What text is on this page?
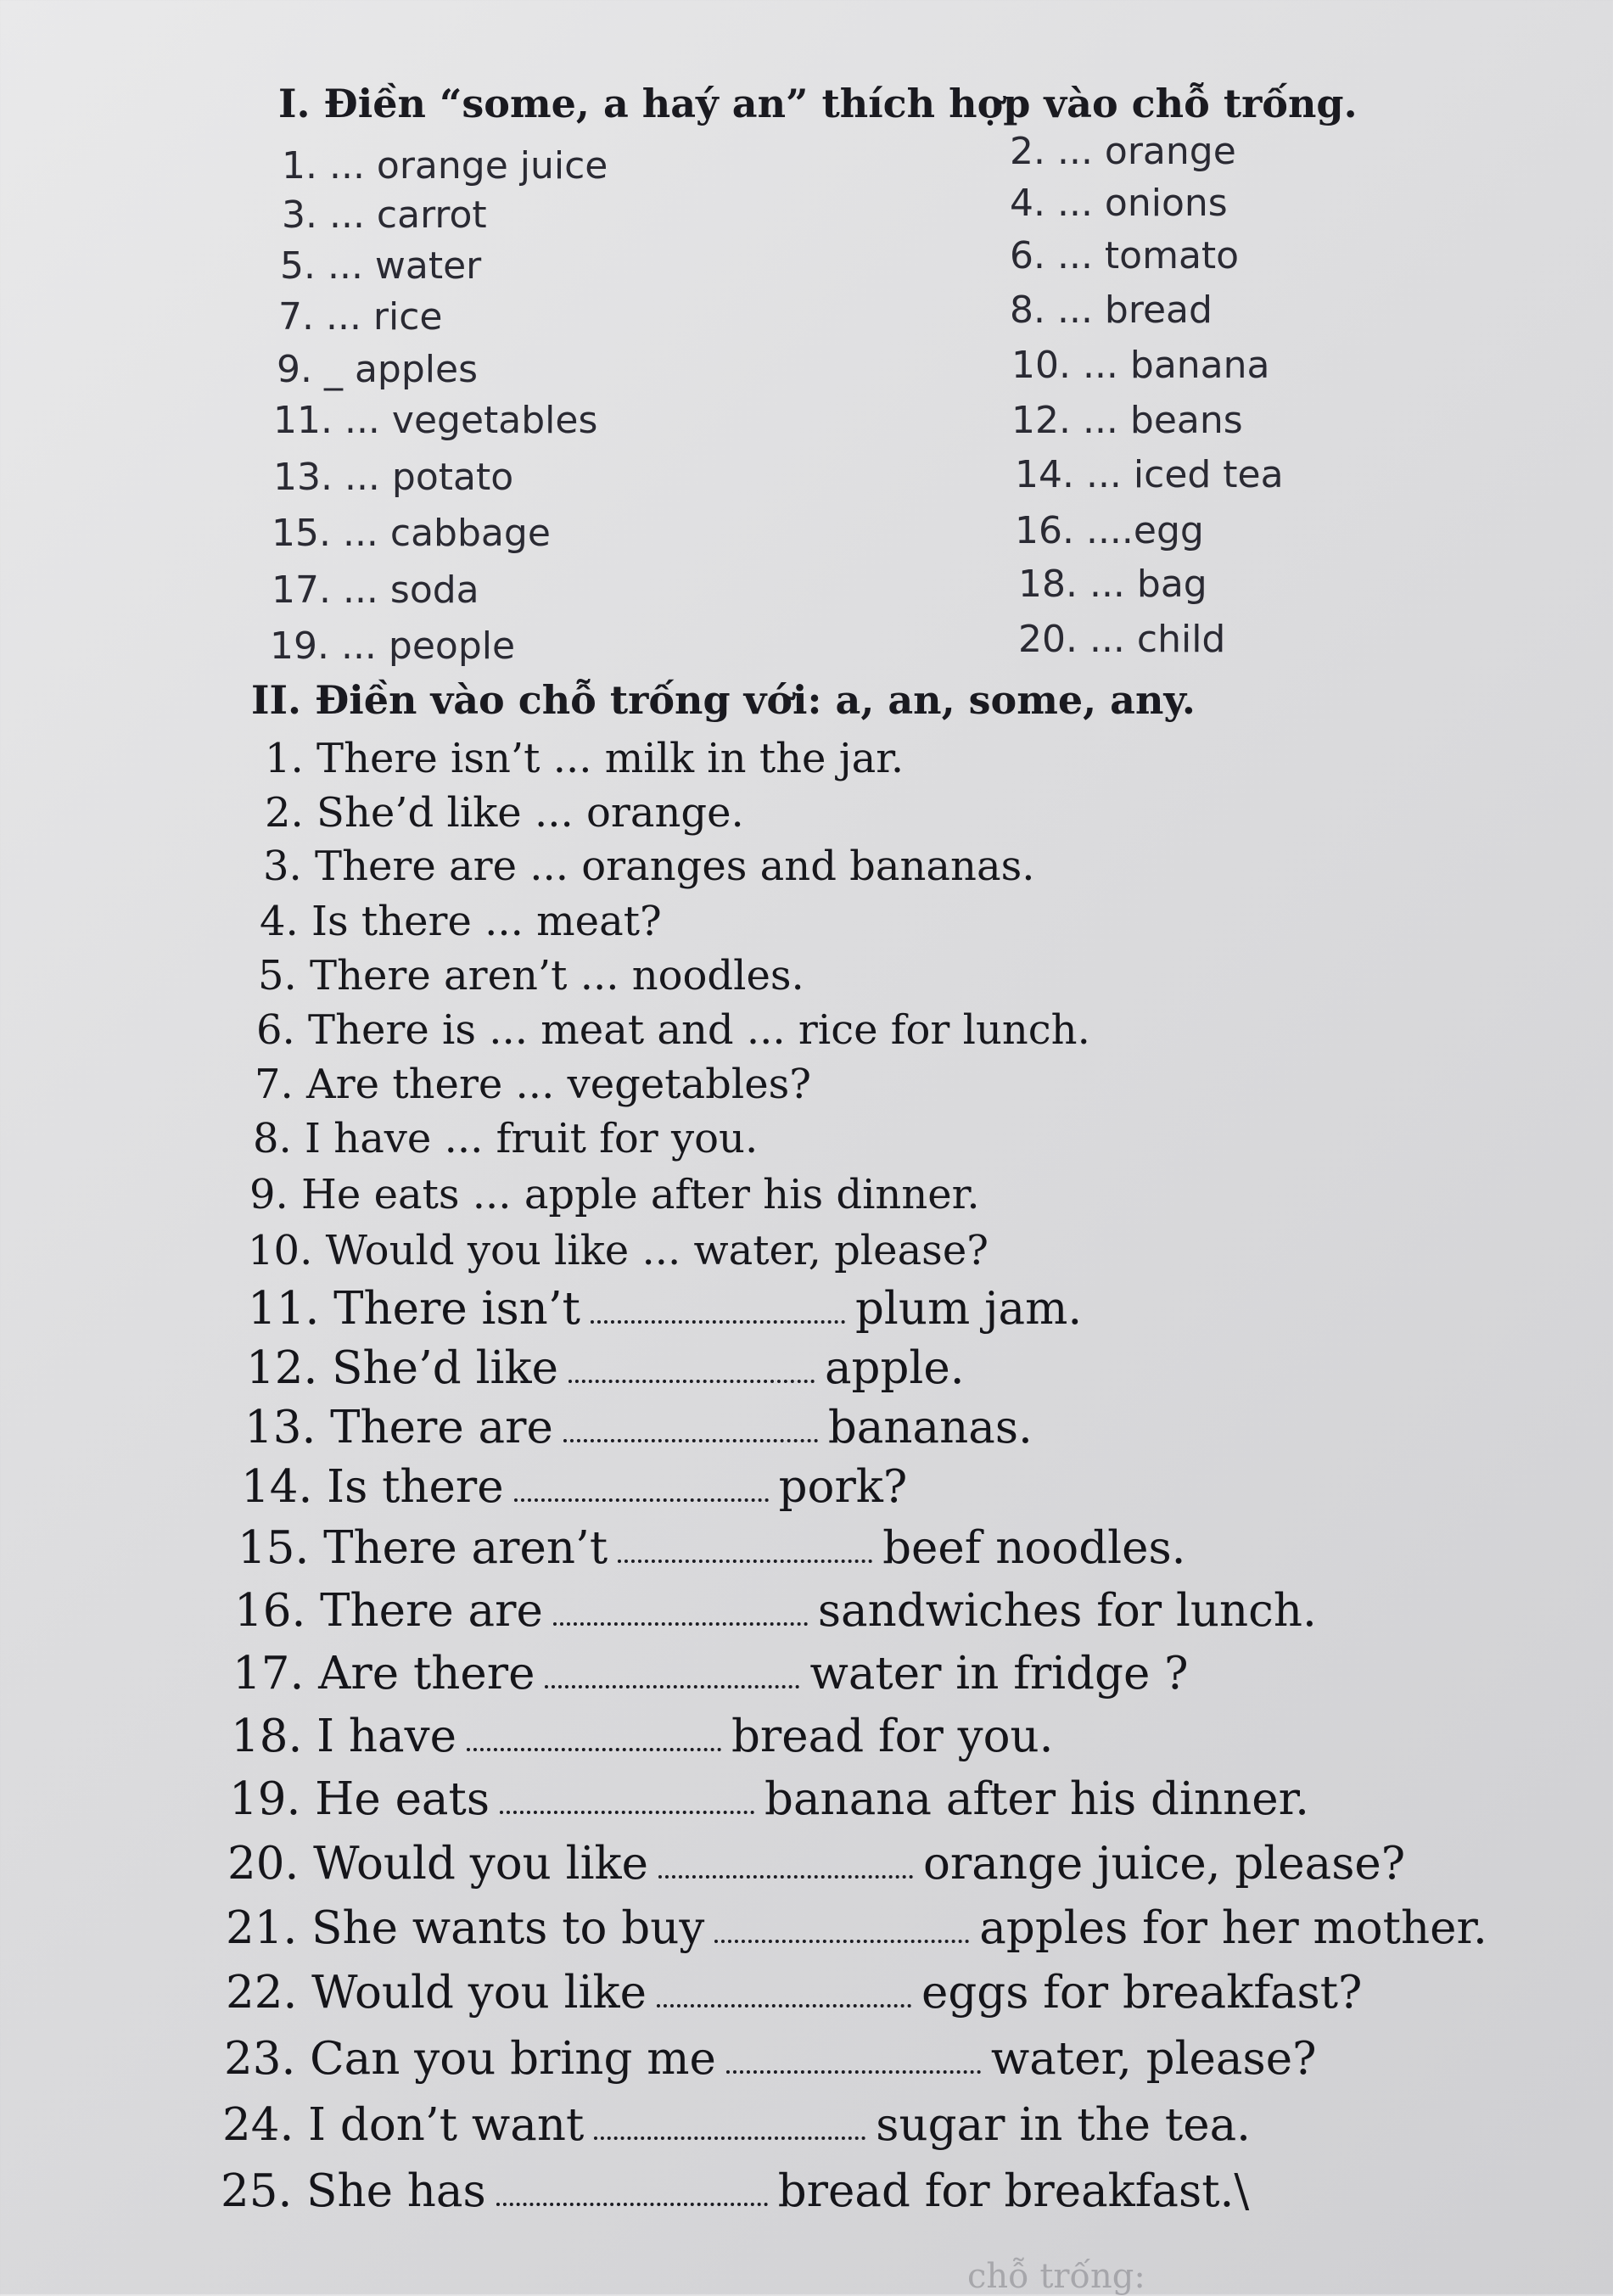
I. Điền “some, a haý an” thích hợp vào chỗ trống.
1. ... orange juice	2. ... orange
3. ... carrot	4. ... onions
5. ... water	6. ... tomato
7. ... rice	8. ... bread
9. _ apples	10. ... banana
11. ... vegetables	12. ... beans
13. ... potato	14. ... iced tea
15. ... cabbage	16. ....egg
17. ... soda	18. ... bag
19. ... people	20. ... child
II. Điền vào chỗ trống với: a, an, some, any.
1. There isn’t ... milk in the jar.
2. She’d like ... orange.
3. There are ... oranges and bananas.
4. Is there ... meat?
5. There aren’t ... noodles.
6. There is ... meat and ... rice for lunch.
7. Are there ... vegetables?
8. I have ... fruit for you.
9. He eats ... apple after his dinner.
10. Would you like ... water, please?
11. There isn’t	plum jam.
12. She’d like	apple.
13. There are	bananas.
14. Is there	pork?
15. There aren’t	beef noodles.
16. There are	sandwiches for lunch.
17. Are there	water in fridge ?
18. I have	bread for you.
19. He eats	banana after his dinner.
20. Would you like	orange juice, please?
21. She wants to buy	apples for her mother.
22. Would you like	eggs for breakfast?
23. Can you bring me	water, please?
24. I don’t want	sugar in the tea.
25. She has	bread for breakfast.\
chỗ trống:
